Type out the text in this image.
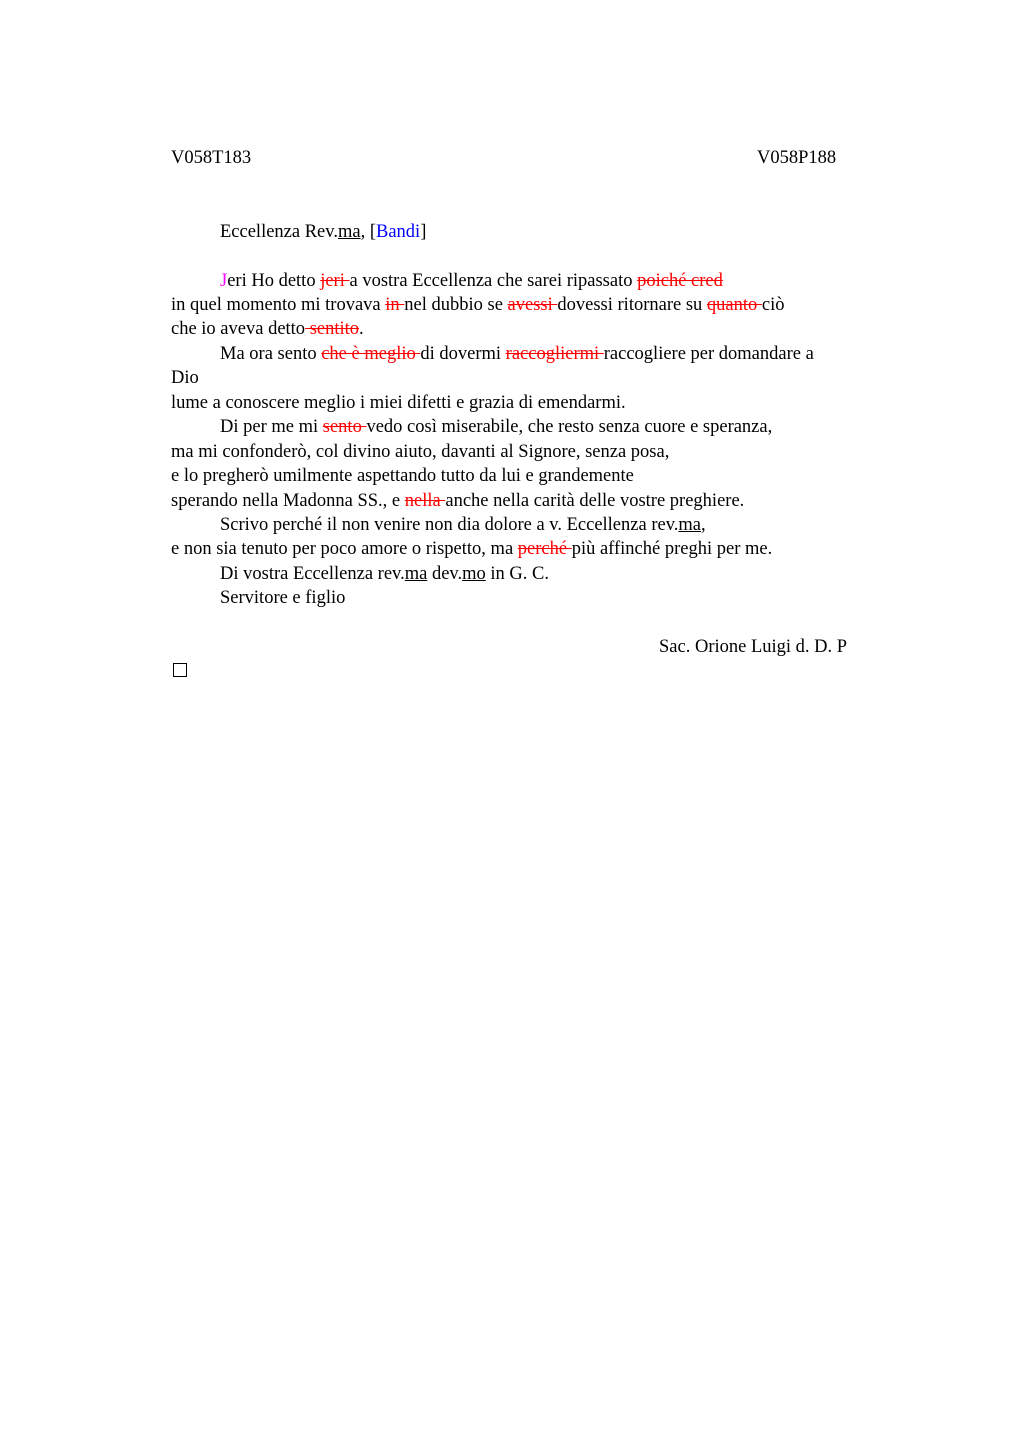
V058T183	V058P188
Eccellenza Rev.ma, [Bandi]
Jeri Ho detto jeri a vostra Eccellenza che sarei ripassato poiché cred
in quel momento mi trovava in nel dubbio se avessi dovessi ritornare su quanto ciò
che io aveva detto sentito.
Ma ora sento che è meglio di dovermi raccogliermi raccogliere per domandare a
Dio
lume a conoscere meglio i miei difetti e grazia di emendarmi.
Di per me mi sento vedo così miserabile, che resto senza cuore e speranza,
ma mi confonderò, col divino aiuto, davanti al Signore, senza posa,
e lo pregherò umilmente aspettando tutto da lui e grandemente
sperando nella Madonna SS., e nella anche nella carità delle vostre preghiere.
Scrivo perché il non venire non dia dolore a v. Eccellenza rev.ma,
e non sia tenuto per poco amore o rispetto, ma perché più affinché preghi per me.
Di vostra Eccellenza rev.ma dev.mo in G. C.
Servitore e figlio
Sac. Orione Luigi d. D. P
